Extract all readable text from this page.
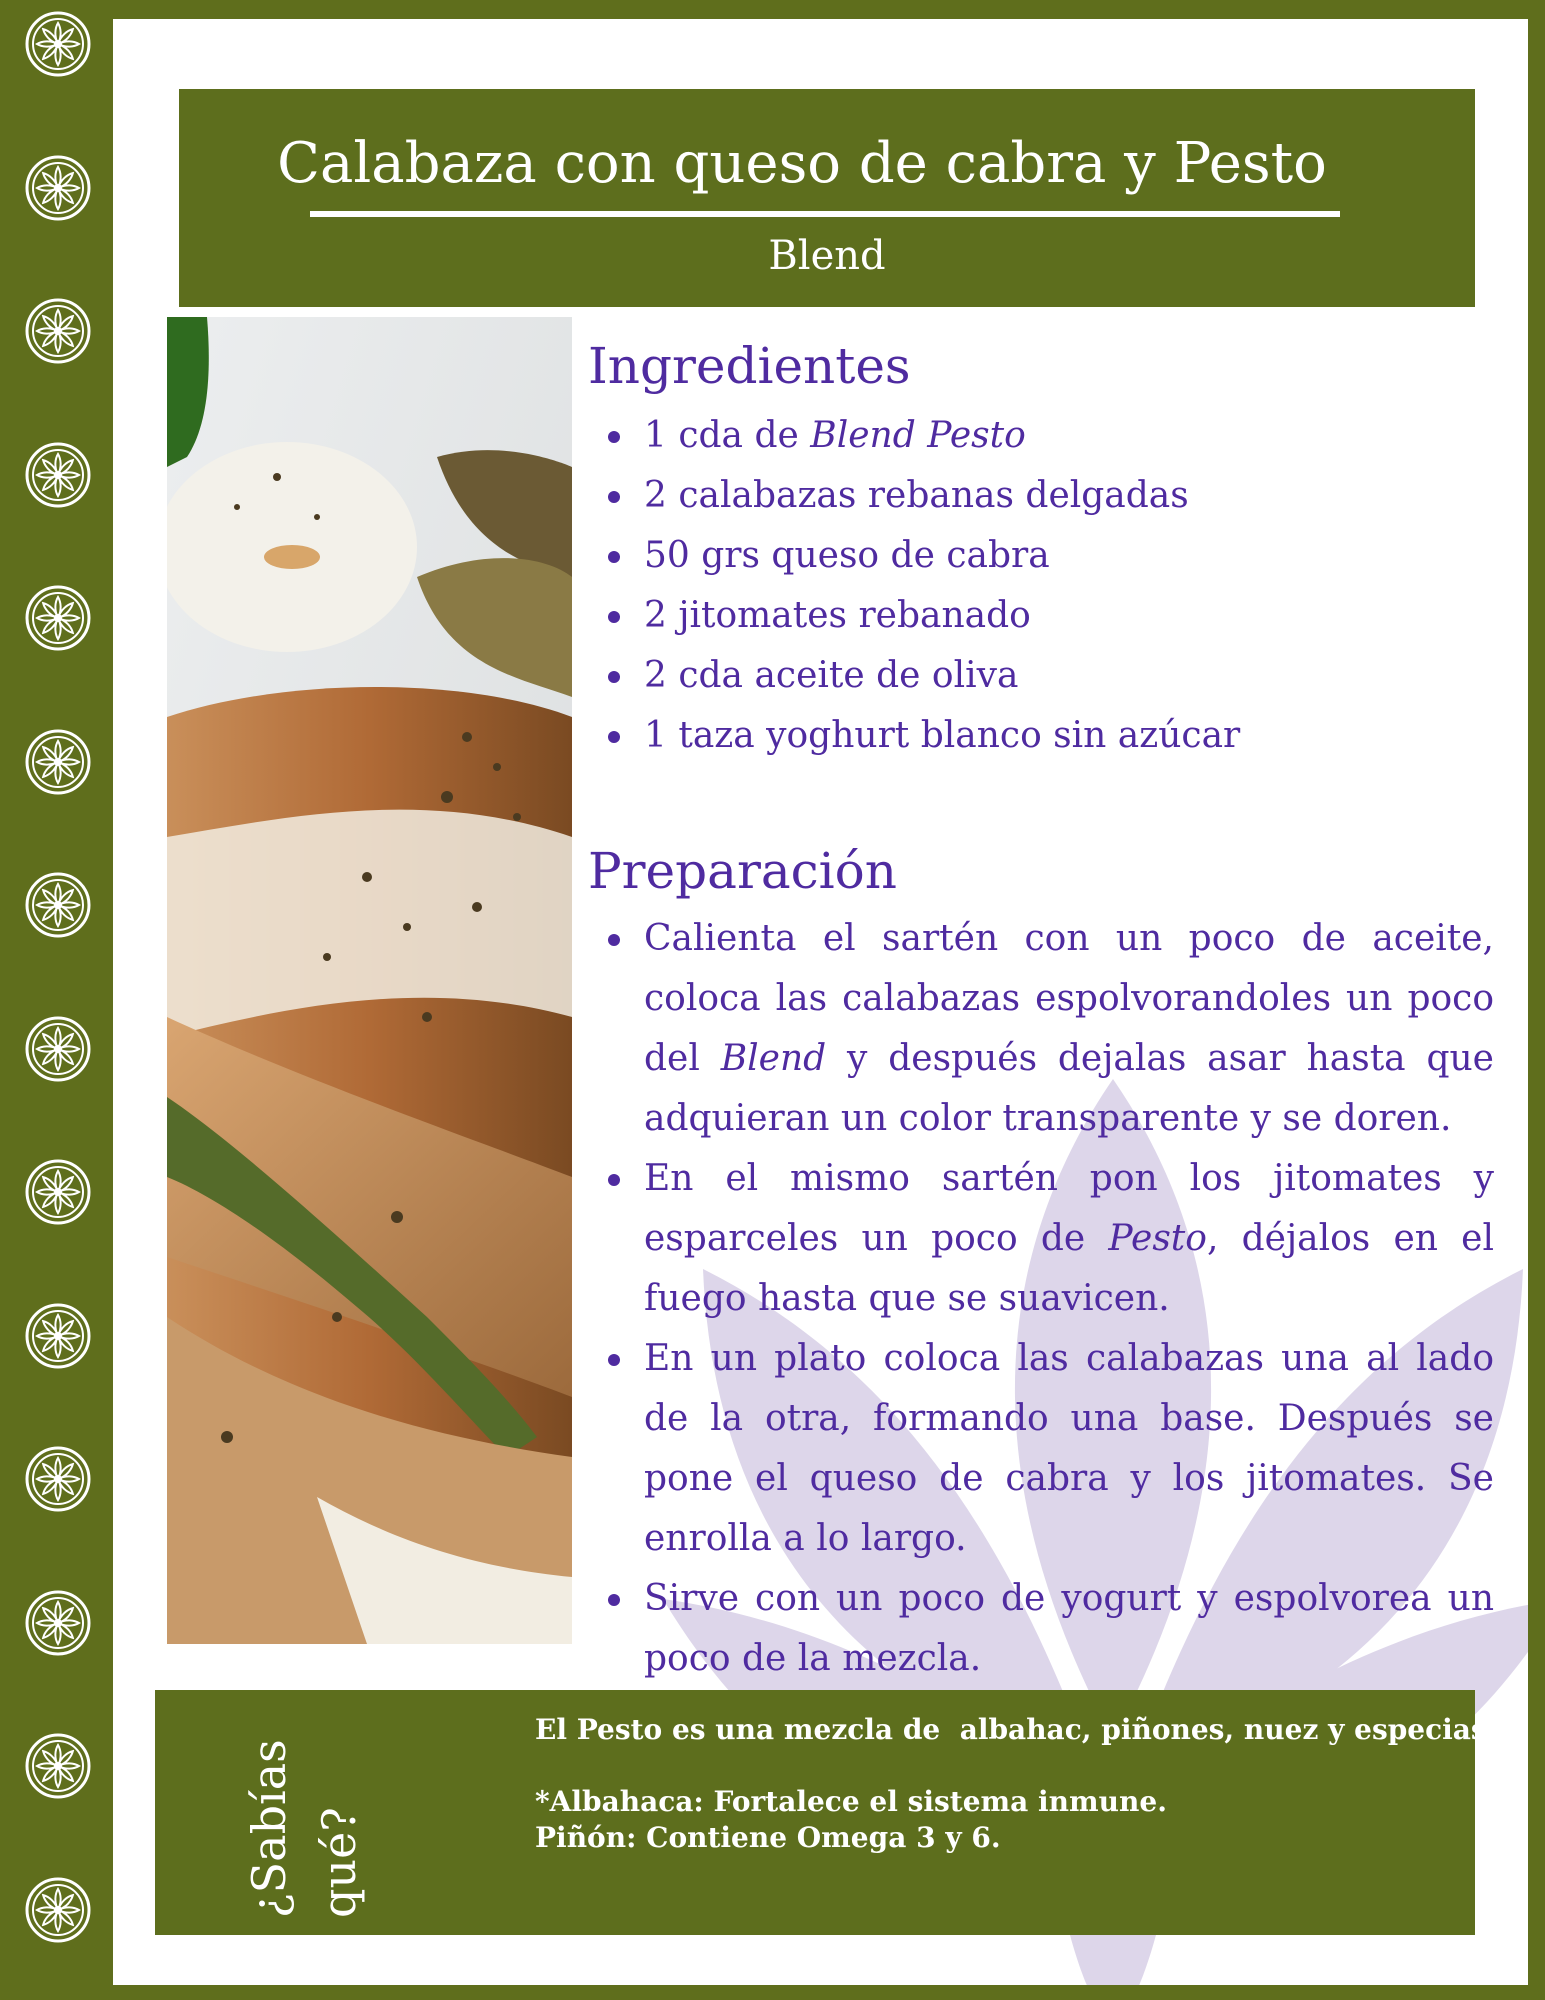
Calabaza con queso de cabra y Pesto
Blend
Ingredientes
1 cda de Blend Pesto
2 calabazas rebanas delgadas
50 grs queso de cabra
2 jitomates rebanado
2 cda aceite de oliva
1 taza yoghurt blanco sin azúcar
Preparación
Calienta el sartén con un poco de aceite, coloca las calabazas espolvorandoles un poco del Blend y después dejalas asar hasta que adquieran un color transparente y se doren.
En el mismo sartén pon los jitomates y esparceles un poco de Pesto, déjalos en el fuego hasta que se suavicen.
En un plato coloca las calabazas una al lado de la otra, formando una base. Después se pone el queso de cabra y los jitomates. Se enrolla a lo largo.
Sirve con un poco de yogurt y espolvorea un poco de la mezcla.
¿Sabías qué?
El Pesto es una mezcla de  albahac, piñones, nuez y especias.
*Albahaca: Fortalece el sistema inmune.
Piñón: Contiene Omega 3 y 6.
